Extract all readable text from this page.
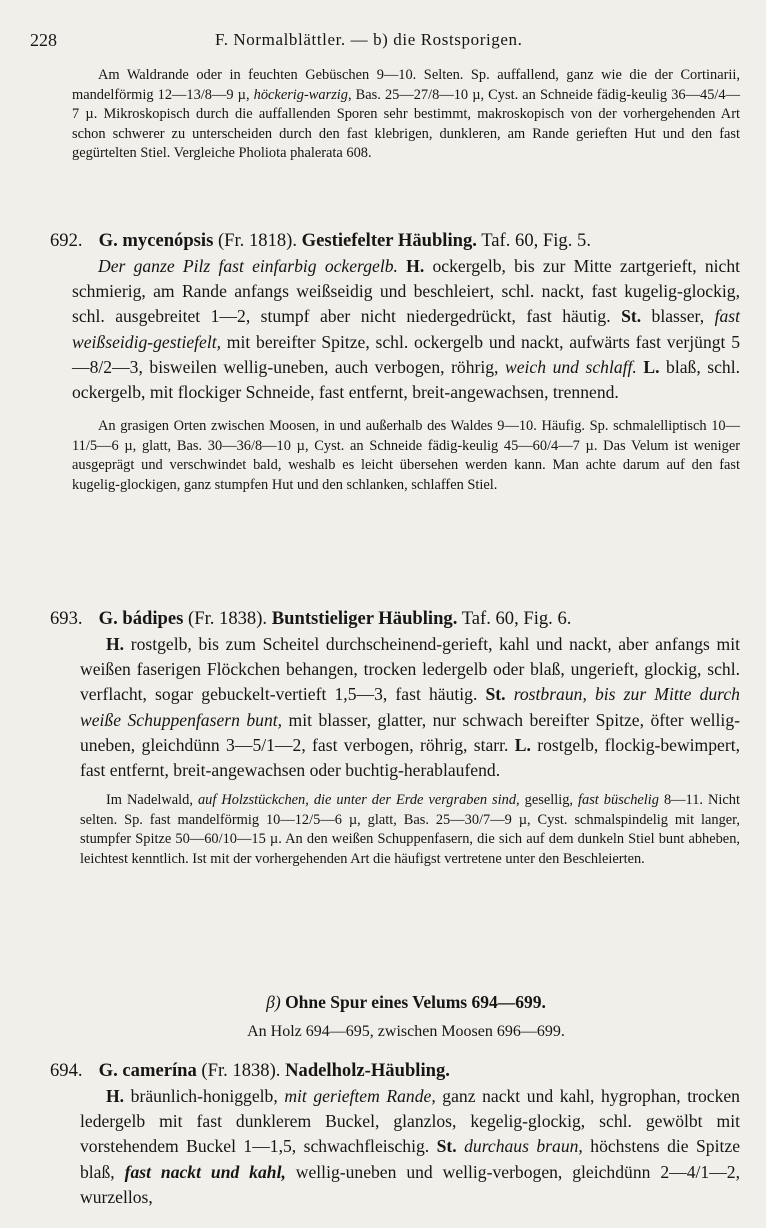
228	F. Normalblättler. — b) die Rostsporigen.

Am Waldrande oder in feuchten Gebüschen 9—10. Selten. Sp. auffallend, ganz wie die der Cortinarii, mandelförmig 12—13/8—9 µ, höckerig-warzig, Bas. 25—27/8—10 µ, Cyst. an Schneide fädig-keulig 36—45/4—7 µ. Mikroskopisch durch die auffallenden Sporen sehr bestimmt, makroskopisch von der vorhergehenden Art schon schwerer zu unterscheiden durch den fast klebrigen, dunkleren, am Rande gerieften Hut und den fast gegürtelten Stiel. Vergleiche Pholiota phalerata 608.

692. G. mycenópsis (Fr. 1818). Gestiefelter Häubling. Taf. 60, Fig. 5.

Der ganze Pilz fast einfarbig ockergelb. H. ockergelb, bis zur Mitte zartgerieft, nicht schmierig, am Rande anfangs weißseidig und beschleiert, schl. nackt, fast kugelig-glockig, schl. ausgebreitet 1—2, stumpf aber nicht niedergedrückt, fast häutig. St. blasser, fast weißseidig-gestiefelt, mit bereifter Spitze, schl. ockergelb und nackt, aufwärts fast verjüngt 5—8/2—3, bisweilen wellig-uneben, auch verbogen, röhrig, weich und schlaff. L. blaß, schl. ockergelb, mit flockiger Schneide, fast entfernt, breit-angewachsen, trennend.

An grasigen Orten zwischen Moosen, in und außerhalb des Waldes 9—10. Häufig. Sp. schmalelliptisch 10—11/5—6 µ, glatt, Bas. 30—36/8—10 µ, Cyst. an Schneide fädig-keulig 45—60/4—7 µ. Das Velum ist weniger ausgeprägt und verschwindet bald, weshalb es leicht übersehen werden kann. Man achte darum auf den fast kugelig-glockigen, ganz stumpfen Hut und den schlanken, schlaffen Stiel.

693. G. bádipes (Fr. 1838). Buntstieliger Häubling. Taf. 60, Fig. 6.

H. rostgelb, bis zum Scheitel durchscheinend-gerieft, kahl und nackt, aber anfangs mit weißen faserigen Flöckchen behangen, trocken ledergelb oder blaß, ungerieft, glockig, schl. verflacht, sogar gebuckelt-vertieft 1,5—3, fast häutig. St. rostbraun, bis zur Mitte durch weiße Schuppenfasern bunt, mit blasser, glatter, nur schwach bereifter Spitze, öfter wellig-uneben, gleichdünn 3—5/1—2, fast verbogen, röhrig, starr. L. rostgelb, flockig-bewimpert, fast entfernt, breit-angewachsen oder buchtig-herablaufend.

Im Nadelwald, auf Holzstückchen, die unter der Erde vergraben sind, gesellig, fast büschelig 8—11. Nicht selten. Sp. fast mandelförmig 10—12/5—6 µ, glatt, Bas. 25—30/7—9 µ, Cyst. schmalspindelig mit langer, stumpfer Spitze 50—60/10—15 µ. An den weißen Schuppenfasern, die sich auf dem dunkeln Stiel bunt abheben, leichtest kenntlich. Ist mit der vorhergehenden Art die häufigst vertretene unter den Beschleierten.

β) Ohne Spur eines Velums 694—699.
An Holz 694—695, zwischen Moosen 696—699.
694. G. camerína (Fr. 1838). Nadelholz-Häubling.

H. bräunlich-honiggelb, mit gerieftem Rande, ganz nackt und kahl, hygrophan, trocken ledergelb mit fast dunklerem Buckel, glanzlos, kegelig-glockig, schl. gewölbt mit vorstehendem Buckel 1—1,5, schwachfleischig. St. durchaus braun, höchstens die Spitze blaß, fast nackt und kahl, wellig-uneben und wellig-verbogen, gleichdünn 2—4/1—2, wurzellos,
